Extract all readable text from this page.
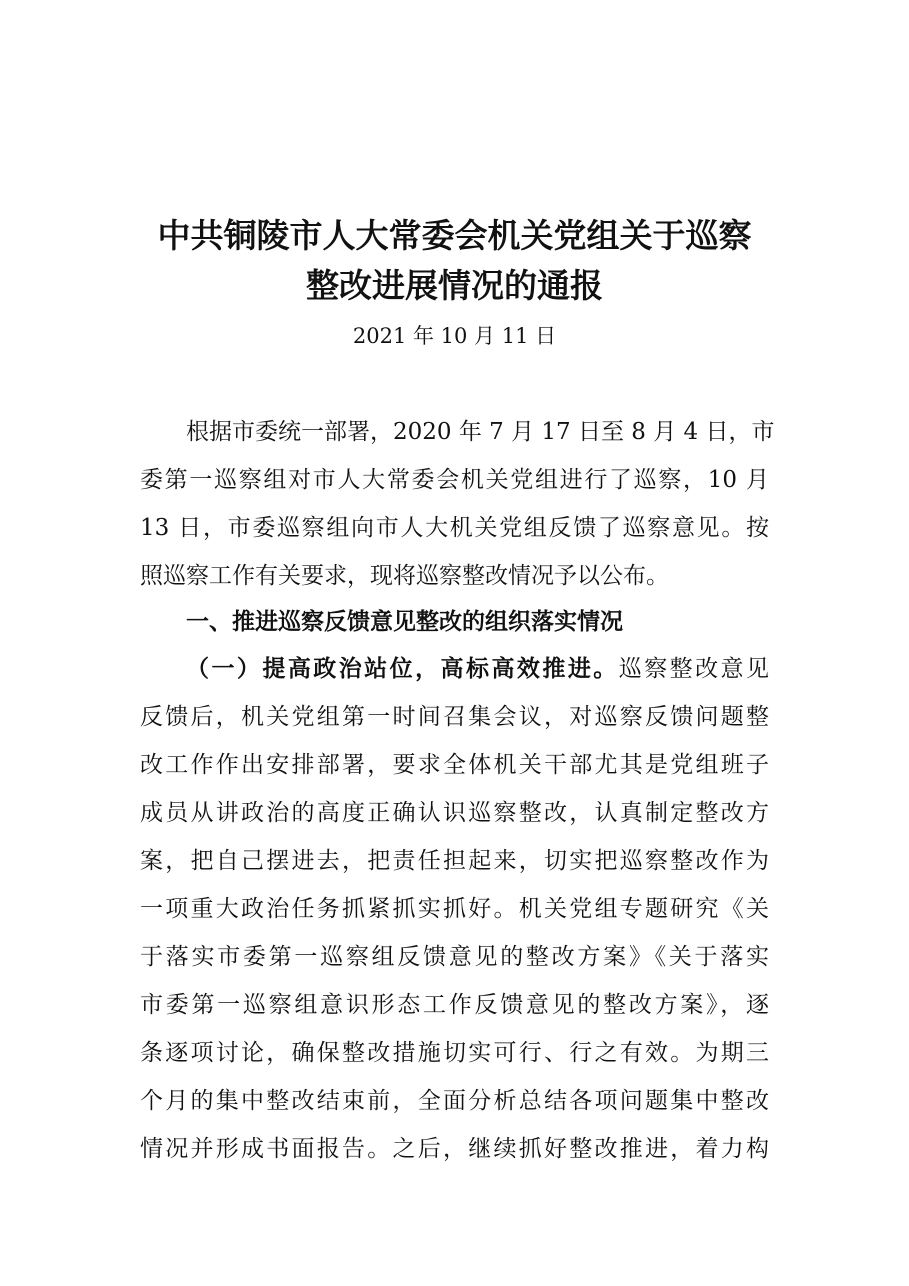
中共铜陵市人大常委会机关党组关于巡察
整改进展情况的通报
2021 年 10 月 11 日
根据市委统一部署，2020 年 7 月 17 日至 8 月 4 日，市
委第一巡察组对市人大常委会机关党组进行了巡察，10 月
13 日，市委巡察组向市人大机关党组反馈了巡察意见。按
照巡察工作有关要求，现将巡察整改情况予以公布。
一、推进巡察反馈意见整改的组织落实情况
（一）提高政治站位，高标高效推进。巡察整改意见
反馈后，机关党组第一时间召集会议，对巡察反馈问题整
改工作作出安排部署，要求全体机关干部尤其是党组班子
成员从讲政治的高度正确认识巡察整改，认真制定整改方
案，把自己摆进去，把责任担起来，切实把巡察整改作为
一项重大政治任务抓紧抓实抓好。机关党组专题研究《关
于落实市委第一巡察组反馈意见的整改方案》《关于落实
市委第一巡察组意识形态工作反馈意见的整改方案》，逐
条逐项讨论，确保整改措施切实可行、行之有效。为期三
个月的集中整改结束前，全面分析总结各项问题集中整改
情况并形成书面报告。之后，继续抓好整改推进，着力构
